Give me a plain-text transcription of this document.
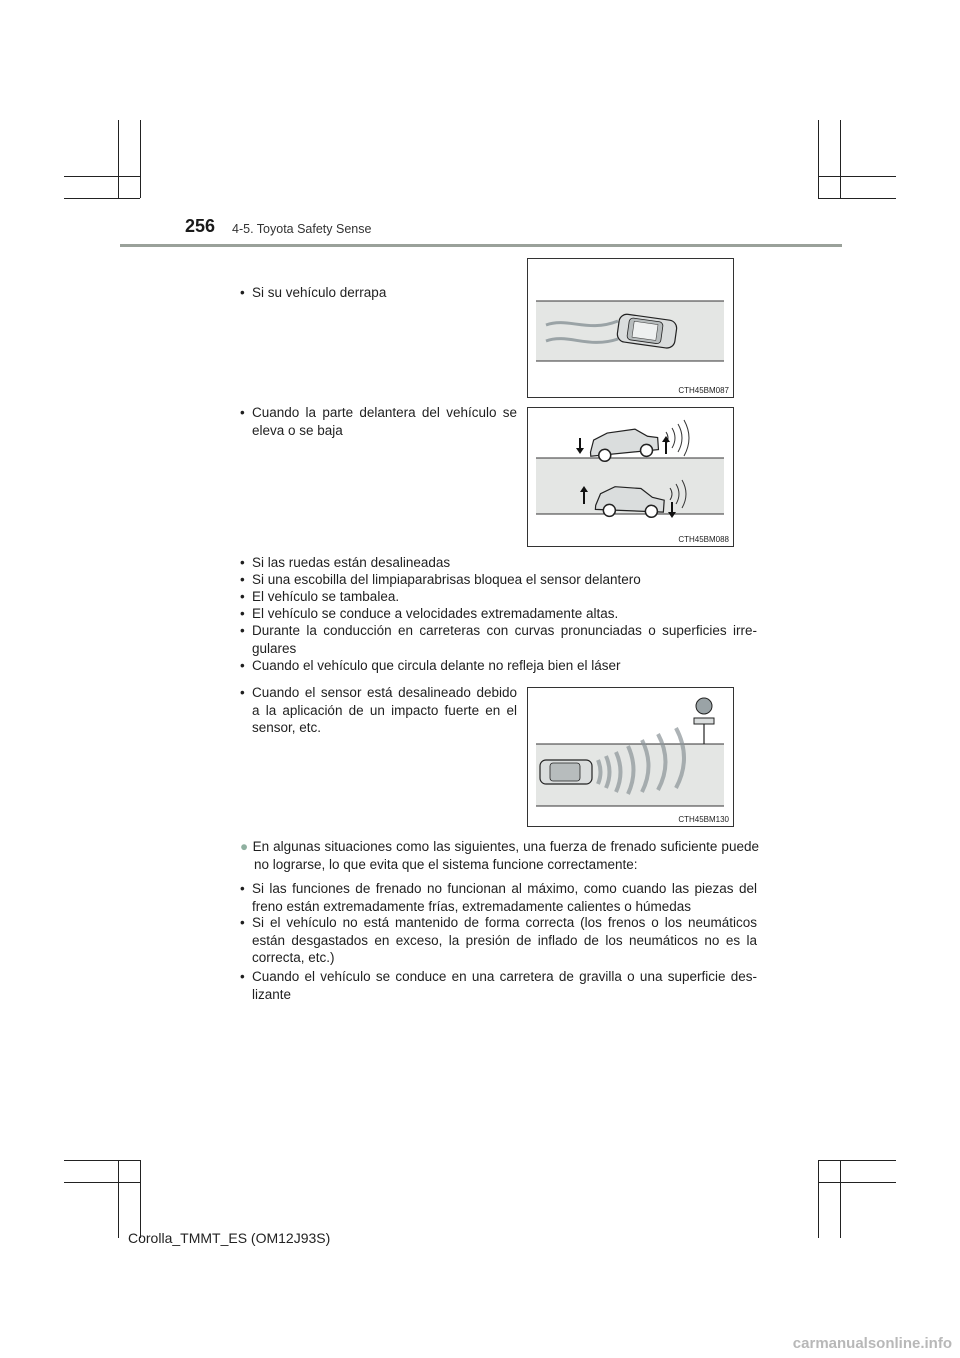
256 4-5. Toyota Safety Sense
• Si su vehículo derrapa
CTH45BM087
• Cuando la parte delantera del vehículo se eleva o se baja
CTH45BM088
• Si las ruedas están desalineadas
• Si una escobilla del limpiaparabrisas bloquea el sensor delantero
• El vehículo se tambalea.
• El vehículo se conduce a velocidades extremadamente altas.
• Durante la conducción en carreteras con curvas pronunciadas o superficies irre-gulares
• Cuando el vehículo que circula delante no refleja bien el láser
• Cuando el sensor está desalineado debido a la aplicación de un impacto fuerte en el sensor, etc.
CTH45BM130
● En algunas situaciones como las siguientes, una fuerza de frenado suficiente puede no lograrse, lo que evita que el sistema funcione correctamente:
• Si las funciones de frenado no funcionan al máximo, como cuando las piezas del freno están extremadamente frías, extremadamente calientes o húmedas
• Si el vehículo no está mantenido de forma correcta (los frenos o los neumáticos están desgastados en exceso, la presión de inflado de los neumáticos no es la correcta, etc.)
• Cuando el vehículo se conduce en una carretera de gravilla o una superficie des-lizante
Corolla_TMMT_ES (OM12J93S)
carmanualsonline.info
